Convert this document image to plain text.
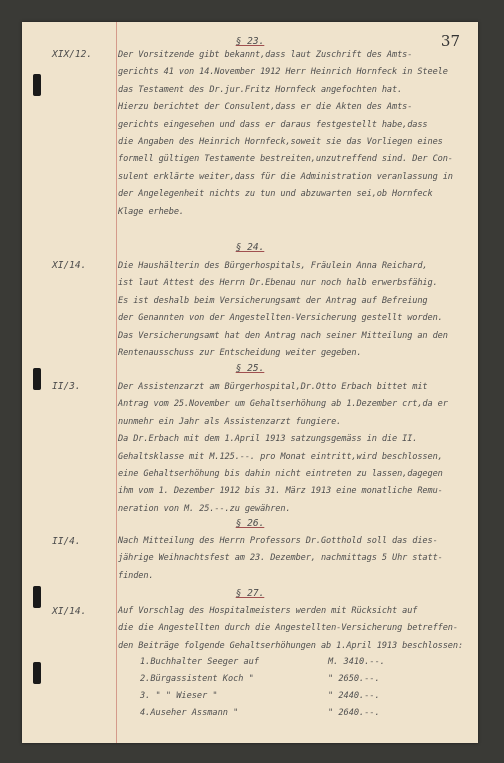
37
§ 23.
XIX/12.	Der Vorsitzende gibt bekannt,dass laut Zuschrift des Amts-
gerichts 41 von 14.November 1912 Herr Heinrich Hornfeck in Steele
das Testament des Dr.jur.Fritz Hornfeck angefochten hat.
Hierzu berichtet der Consulent,dass er die Akten des Amts-
gerichts eingesehen und dass er daraus festgestellt habe,dass
die Angaben des Heinrich Hornfeck,soweit sie das Vorliegen eines
formell gültigen Testamente bestreiten,unzutreffend sind. Der Con-
sulent erklärte weiter,dass für die Administration veranlassung in
der Angelegenheit nichts zu tun und abzuwarten sei,ob Hornfeck
Klage erhebe.
§ 24.
XI/14.	Die Haushälterin des Bürgerhospitals, Fräulein Anna Reichard,
ist laut Attest des Herrn Dr.Ebenau nur noch halb erwerbsfähig.
Es ist deshalb beim Versicherungsamt der Antrag auf Befreiung
der Genannten von der Angestellten-Versicherung gestellt worden.
Das Versicherungsamt hat den Antrag nach seiner Mitteilung an den
Rentenausschuss zur Entscheidung weiter gegeben.
§ 25.
II/3.	Der Assistenzarzt am Bürgerhospital,Dr.Otto Erbach bittet mit
Antrag vom 25.November um Gehaltserhöhung ab 1.Dezember crt,da er
nunmehr ein Jahr als Assistenzarzt fungiere.
Da Dr.Erbach mit dem 1.April 1913 satzungsgemäss in die II.
Gehaltsklasse mit M.125.--. pro Monat eintritt,wird beschlossen,
eine Gehaltserhöhung bis dahin nicht eintreten zu lassen,dagegen
ihm vom 1. Dezember 1912 bis 31. März 1913 eine monatliche Remu-
neration von M. 25.--.zu gewähren.
§ 26.
II/4.	Nach Mitteilung des Herrn Professors Dr.Gotthold soll das dies-
jährige Weihnachtsfest am 23. Dezember, nachmittags 5 Uhr statt-
finden.
§ 27.
XI/14.	Auf Vorschlag des Hospitalmeisters werden mit Rücksicht auf
die die Angestellten durch die Angestellten-Versicherung betreffen-
den Beiträge folgende Gehaltserhöhungen ab 1.April 1913 beschlossen:
1.Buchhalter Seeger auf	M. 3410.--.
2.Bürgassistent Koch "	" 2650.--.
3. " " Wieser "	" 2440.--.
4.Auseher Assmann "	" 2640.--.
